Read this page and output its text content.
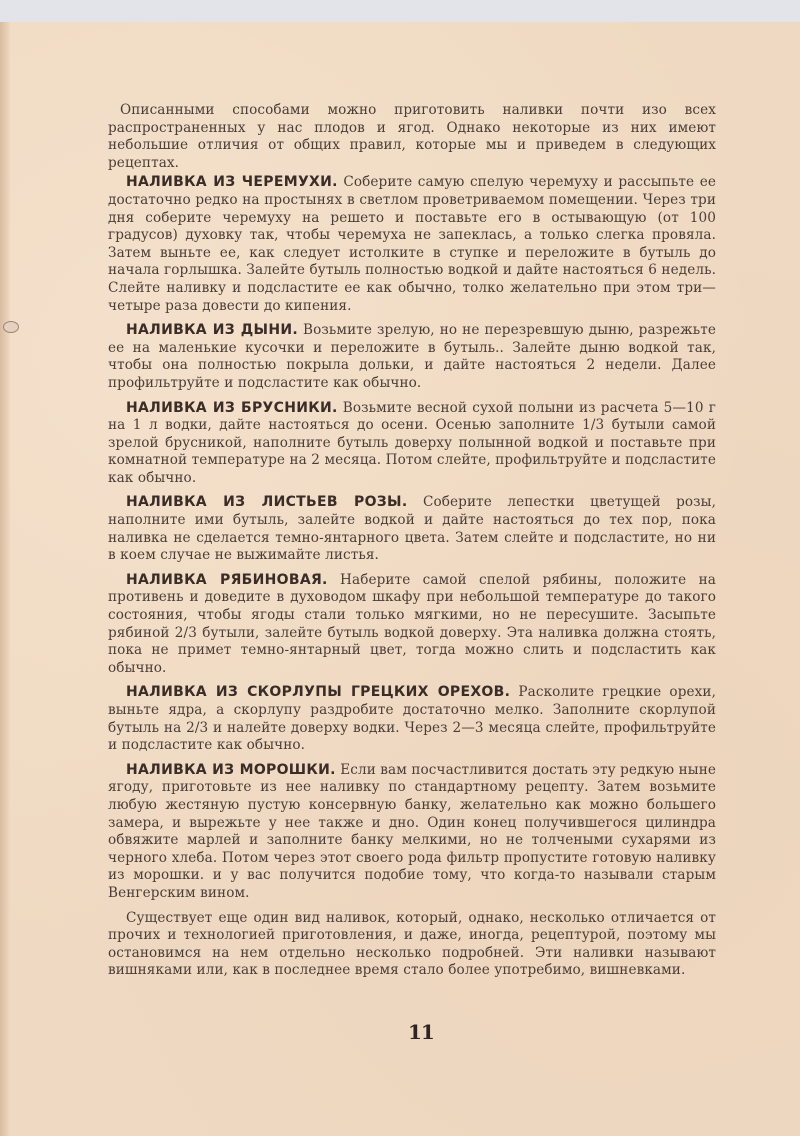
Описанными способами можно приготовить наливки почти изо всех распространенных у нас плодов и ягод. Однако некоторые из них имеют небольшие отличия от общих правил, которые мы и приведем в следующих рецептах.

НАЛИВКА ИЗ ЧЕРЕМУХИ. Соберите самую спелую черемуху и рассыпьте ее достаточно редко на простынях в светлом проветриваемом помещении. Через три дня соберите черемуху на решето и поставьте его в остывающую (от 100 градусов) духовку так, чтобы черемуха не запеклась, а только слегка провяла. Затем выньте ее, как следует истолките в ступке и переложите в бутыль до начала горлышка. Залейте бутыль полностью водкой и дайте настояться 6 недель. Слейте наливку и подсластите ее как обычно, толко желательно при этом три—четыре раза довести до кипения.

НАЛИВКА ИЗ ДЫНИ. Возьмите зрелую, но не перезревшую дыню, разрежьте ее на маленькие кусочки и переложите в бутыль.. Залейте дыню водкой так, чтобы она полностью покрыла дольки, и дайте настояться 2 недели. Далее профильтруйте и подсластите как обычно.

НАЛИВКА ИЗ БРУСНИКИ. Возьмите весной сухой полыни из расчета 5—10 г на 1 л водки, дайте настояться до осени. Осенью заполните 1/3 бутыли самой зрелой брусникой, наполните бутыль доверху полынной водкой и поставьте при комнатной температуре на 2 месяца. Потом слейте, профильтруйте и подсластите как обычно.

НАЛИВКА ИЗ ЛИСТЬЕВ РОЗЫ. Соберите лепестки цветущей розы, наполните ими бутыль, залейте водкой и дайте настояться до тех пор, пока наливка не сделается темно-янтарного цвета. Затем слейте и подсластите, но ни в коем случае не выжимайте листья.

НАЛИВКА РЯБИНОВАЯ. Наберите самой спелой рябины, положите на противень и доведите в духоводом шкафу при небольшой температуре до такого состояния, чтобы ягоды стали только мягкими, но не пересушите. Засыпьте рябиной 2/3 бутыли, залейте бутыль водкой доверху. Эта наливка должна стоять, пока не примет темно-янтарный цвет, тогда можно слить и подсластить как обычно.

НАЛИВКА ИЗ СКОРЛУПЫ ГРЕЦКИХ ОРЕХОВ. Расколите грецкие орехи, выньте ядра, а скорлупу раздробите достаточно мелко. Заполните скорлупой бутыль на 2/3 и налейте доверху водки. Через 2—3 месяца слейте, профильтруйте и подсластите как обычно.

НАЛИВКА ИЗ МОРОШКИ. Если вам посчастливится достать эту редкую ныне ягоду, приготовьте из нее наливку по стандартному рецепту. Затем возьмите любую жестяную пустую консервную банку, желательно как можно большего замера, и вырежьте у нее также и дно. Один конец получившегося цилиндра обвяжите марлей и заполните банку мелкими, но не толчеными сухарями из черного хлеба. Потом через этот своего рода фильтр пропустите готовую наливку из морошки. и у вас получится подобие тому, что когда-то называли старым Венгерским вином.

Существует еще один вид наливок, который, однако, несколько отличается от прочих и технологией приготовления, и даже, иногда, рецептурой, поэтому мы остановимся на нем отдельно несколько подробней. Эти наливки называют вишняками или, как в последнее время стало более употребимо, вишневками.

11
